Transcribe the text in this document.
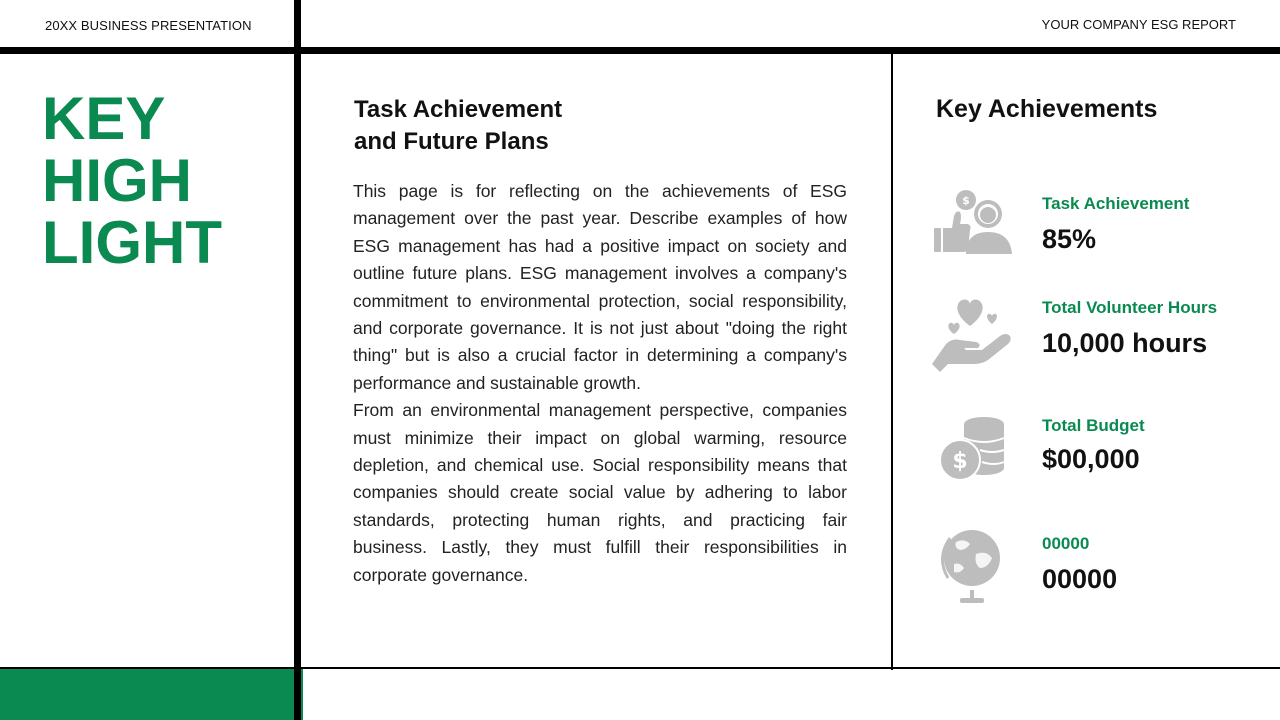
20XX BUSINESS PRESENTATION	YOUR COMPANY ESG REPORT
KEY
HIGH
LIGHT
Task Achievement
and Future Plans

This page is for reflecting on the achievements of ESG management over the past year. Describe examples of how ESG management has had a positive impact on society and outline future plans. ESG management involves a company's commitment to environmental protection, social responsibility, and corporate governance. It is not just about "doing the right thing" but is also a crucial factor in determining a company's performance and sustainable growth.

From an environmental management perspective, companies must minimize their impact on global warming, resource depletion, and chemical use. Social responsibility means that companies should create social value by adhering to labor standards, protecting human rights, and practicing fair business. Lastly, they must fulfill their responsibilities in corporate governance.

Key Achievements
$	Task Achievement
85%
Total Volunteer Hours
10,000 hours
$
Total Budget
$00,000
00000
00000
